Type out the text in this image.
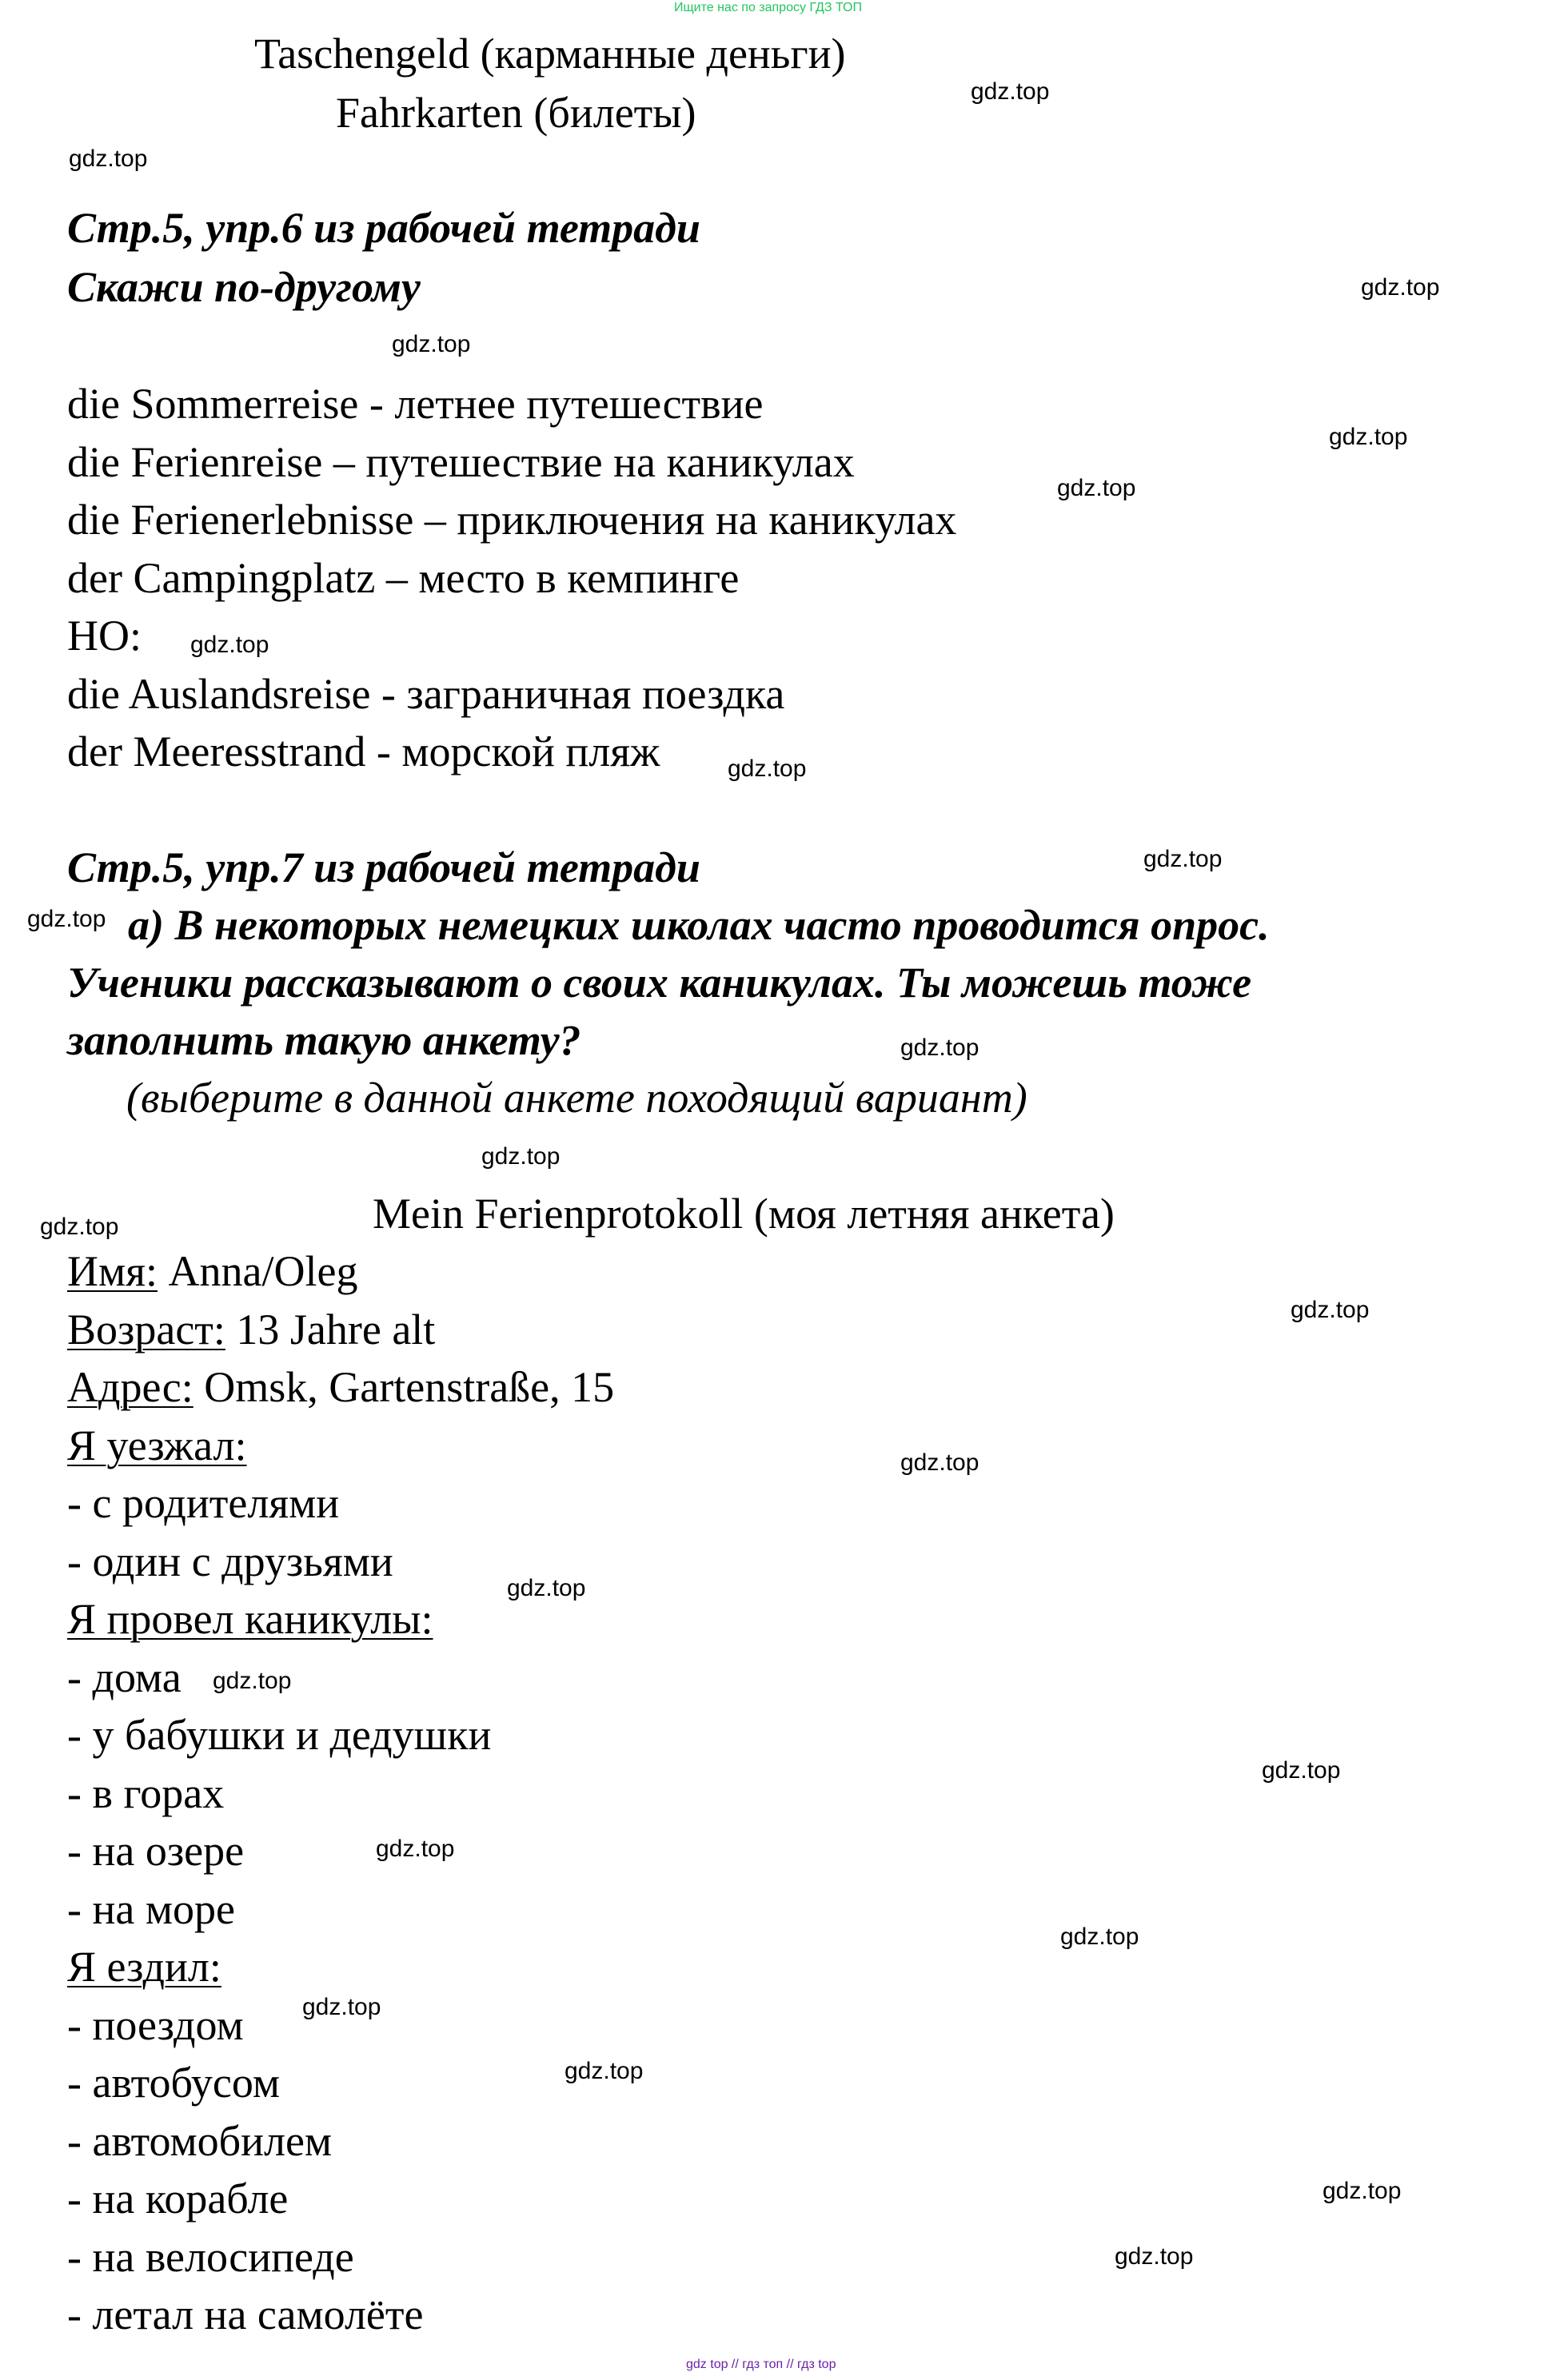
Ищите нас по запросу ГДЗ ТОП
Taschengeld (карманные деньги)
Fahrkarten (билеты)
Стр.5, упр.6 из рабочей тетради
Скажи по-другому
die Sommerreise - летнее путешествие
die Ferienreise – путешествие на каникулах
die Ferienerlebnisse – приключения на каникулах
der Campingplatz – место в кемпинге
НО:
die Auslandsreise - заграничная поездка
der Meeresstrand - морской пляж
Стр.5, упр.7 из рабочей тетради
а) В некоторых немецких школах часто проводится опрос.
Ученики рассказывают о своих каникулах. Ты можешь тоже
заполнить такую анкету?
(выберите в данной анкете походящий вариант)
Mein Ferienprotokoll (моя летняя анкета)
Имя: Anna/Oleg
Возраст: 13 Jahre alt
Адрес: Omsk, Gartenstraße, 15
Я уезжал:
- с родителями
- один с друзьями
Я провел каникулы:
- дома
- у бабушки и дедушки
- в горах
- на озере
- на море
Я ездил:
- поездом
- автобусом
- автомобилем
- на корабле
- на велосипеде
- летал на самолёте
gdz.top
gdz.top
gdz.top
gdz.top
gdz.top
gdz.top
gdz.top
gdz.top
gdz.top
gdz.top
gdz.top
gdz.top
gdz.top
gdz.top
gdz.top
gdz.top
gdz.top
gdz.top
gdz.top
gdz.top
gdz.top
gdz.top
gdz.top
gdz.top
gdz top // гдз топ // гдз top
